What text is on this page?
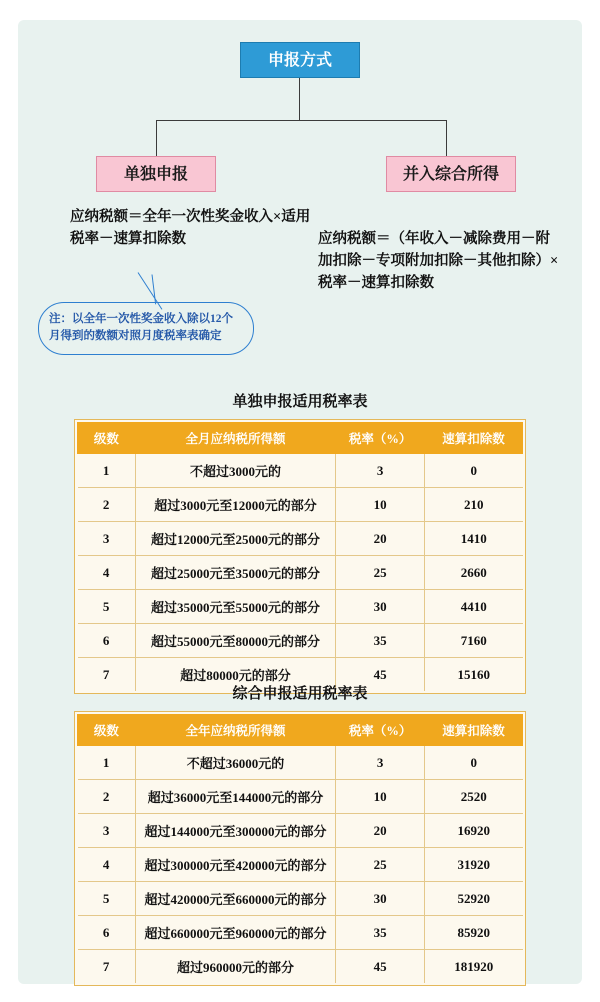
申报方式
单独申报	并入综合所得
应纳税额＝全年一次性奖金收入×适用税率－速算扣除数	应纳税额＝（年收入－减除费用－附加扣除－专项附加扣除－其他扣除）×税率－速算扣除数
注：以全年一次性奖金收入除以12个月得到的数额对照月度税率表确定

单独申报适用税率表

级数	全月应纳税所得额	税率（%）	速算扣除数
1	不超过3000元的	3	0
2	超过3000元至12000元的部分	10	210
3	超过12000元至25000元的部分	20	1410
4	超过25000元至35000元的部分	25	2660
5	超过35000元至55000元的部分	30	4410
6	超过55000元至80000元的部分	35	7160
7	超过80000元的部分	45	15160

综合申报适用税率表

级数	全年应纳税所得额	税率（%）	速算扣除数
1	不超过36000元的	3	0
2	超过36000元至144000元的部分	10	2520
3	超过144000元至300000元的部分	20	16920
4	超过300000元至420000元的部分	25	31920
5	超过420000元至660000元的部分	30	52920
6	超过660000元至960000元的部分	35	85920
7	超过960000元的部分	45	181920
